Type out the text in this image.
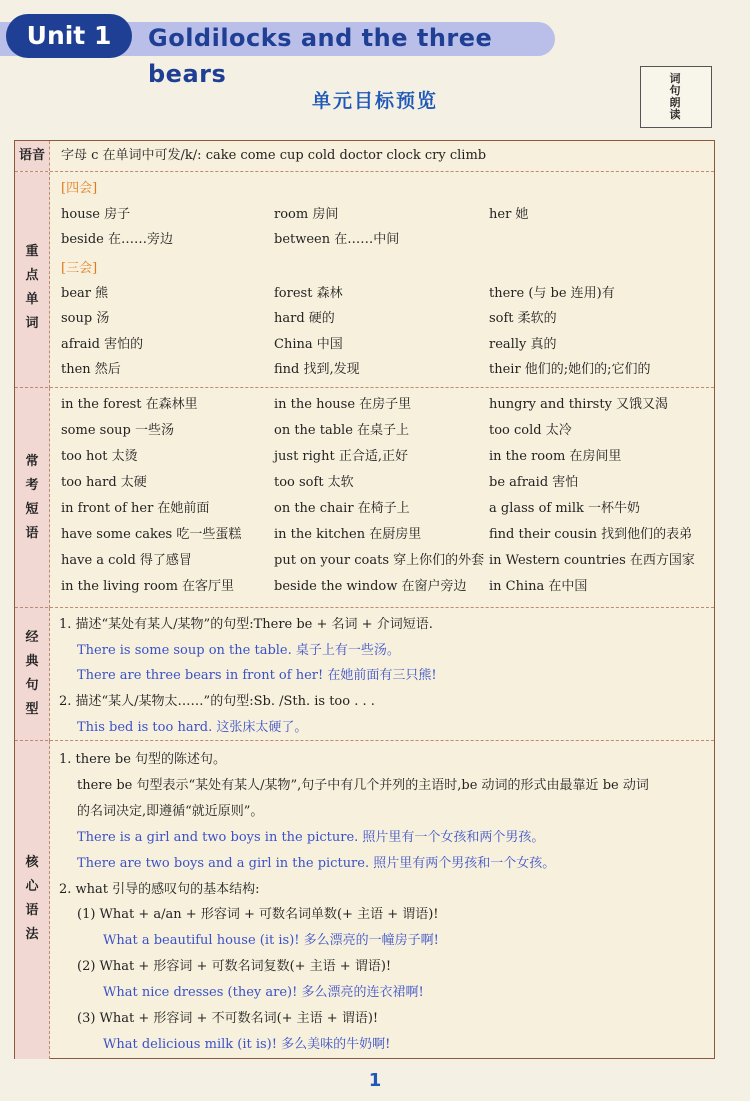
Unit 1	Goldilocks and the three bears
单元目标预览
词
句
朗
读
语音	字母 c 在单词中可发/k/: cake come cup cold doctor clock cry climb
重
点
单
词
[四会]
[三会]
house 房子	room 房间	her 她
beside 在……旁边	between 在……中间
bear 熊	forest 森林	there (与 be 连用)有
soup 汤	hard 硬的	soft 柔软的
afraid 害怕的	China 中国	really 真的
then 然后	find 找到,发现	their 他们的;她们的;它们的
常
考
短
语
in the forest 在森林里	in the house 在房子里	hungry and thirsty 又饿又渴
some soup 一些汤	on the table 在桌子上	too cold 太冷
too hot 太烫	just right 正合适,正好	in the room 在房间里
too hard 太硬	too soft 太软	be afraid 害怕
in front of her 在她前面	on the chair 在椅子上	a glass of milk 一杯牛奶
have some cakes 吃一些蛋糕	in the kitchen 在厨房里	find their cousin 找到他们的表弟
have a cold 得了感冒	put on your coats 穿上你们的外套 in Western countries 在西方国家
in the living room 在客厅里	beside the window 在窗户旁边 in China 在中国
经
典
句
型
1. 描述“某处有某人/某物”的句型:There be + 名词 + 介词短语.
There is some soup on the table. 桌子上有一些汤。
There are three bears in front of her! 在她前面有三只熊!
2. 描述“某人/某物太……”的句型:Sb. /Sth. is too . . .
This bed is too hard. 这张床太硬了。
核
心
语
法
1. there be 句型的陈述句。
there be 句型表示“某处有某人/某物”,句子中有几个并列的主语时,be 动词的形式由最靠近 be 动词
的名词决定,即遵循“就近原则”。
There is a girl and two boys in the picture. 照片里有一个女孩和两个男孩。
There are two boys and a girl in the picture. 照片里有两个男孩和一个女孩。
2. what 引导的感叹句的基本结构:
(1) What + a/an + 形容词 + 可数名词单数(+ 主语 + 谓语)!
What a beautiful house (it is)! 多么漂亮的一幢房子啊!
(2) What + 形容词 + 可数名词复数(+ 主语 + 谓语)!
What nice dresses (they are)! 多么漂亮的连衣裙啊!
(3) What + 形容词 + 不可数名词(+ 主语 + 谓语)!
What delicious milk (it is)! 多么美味的牛奶啊!
1
